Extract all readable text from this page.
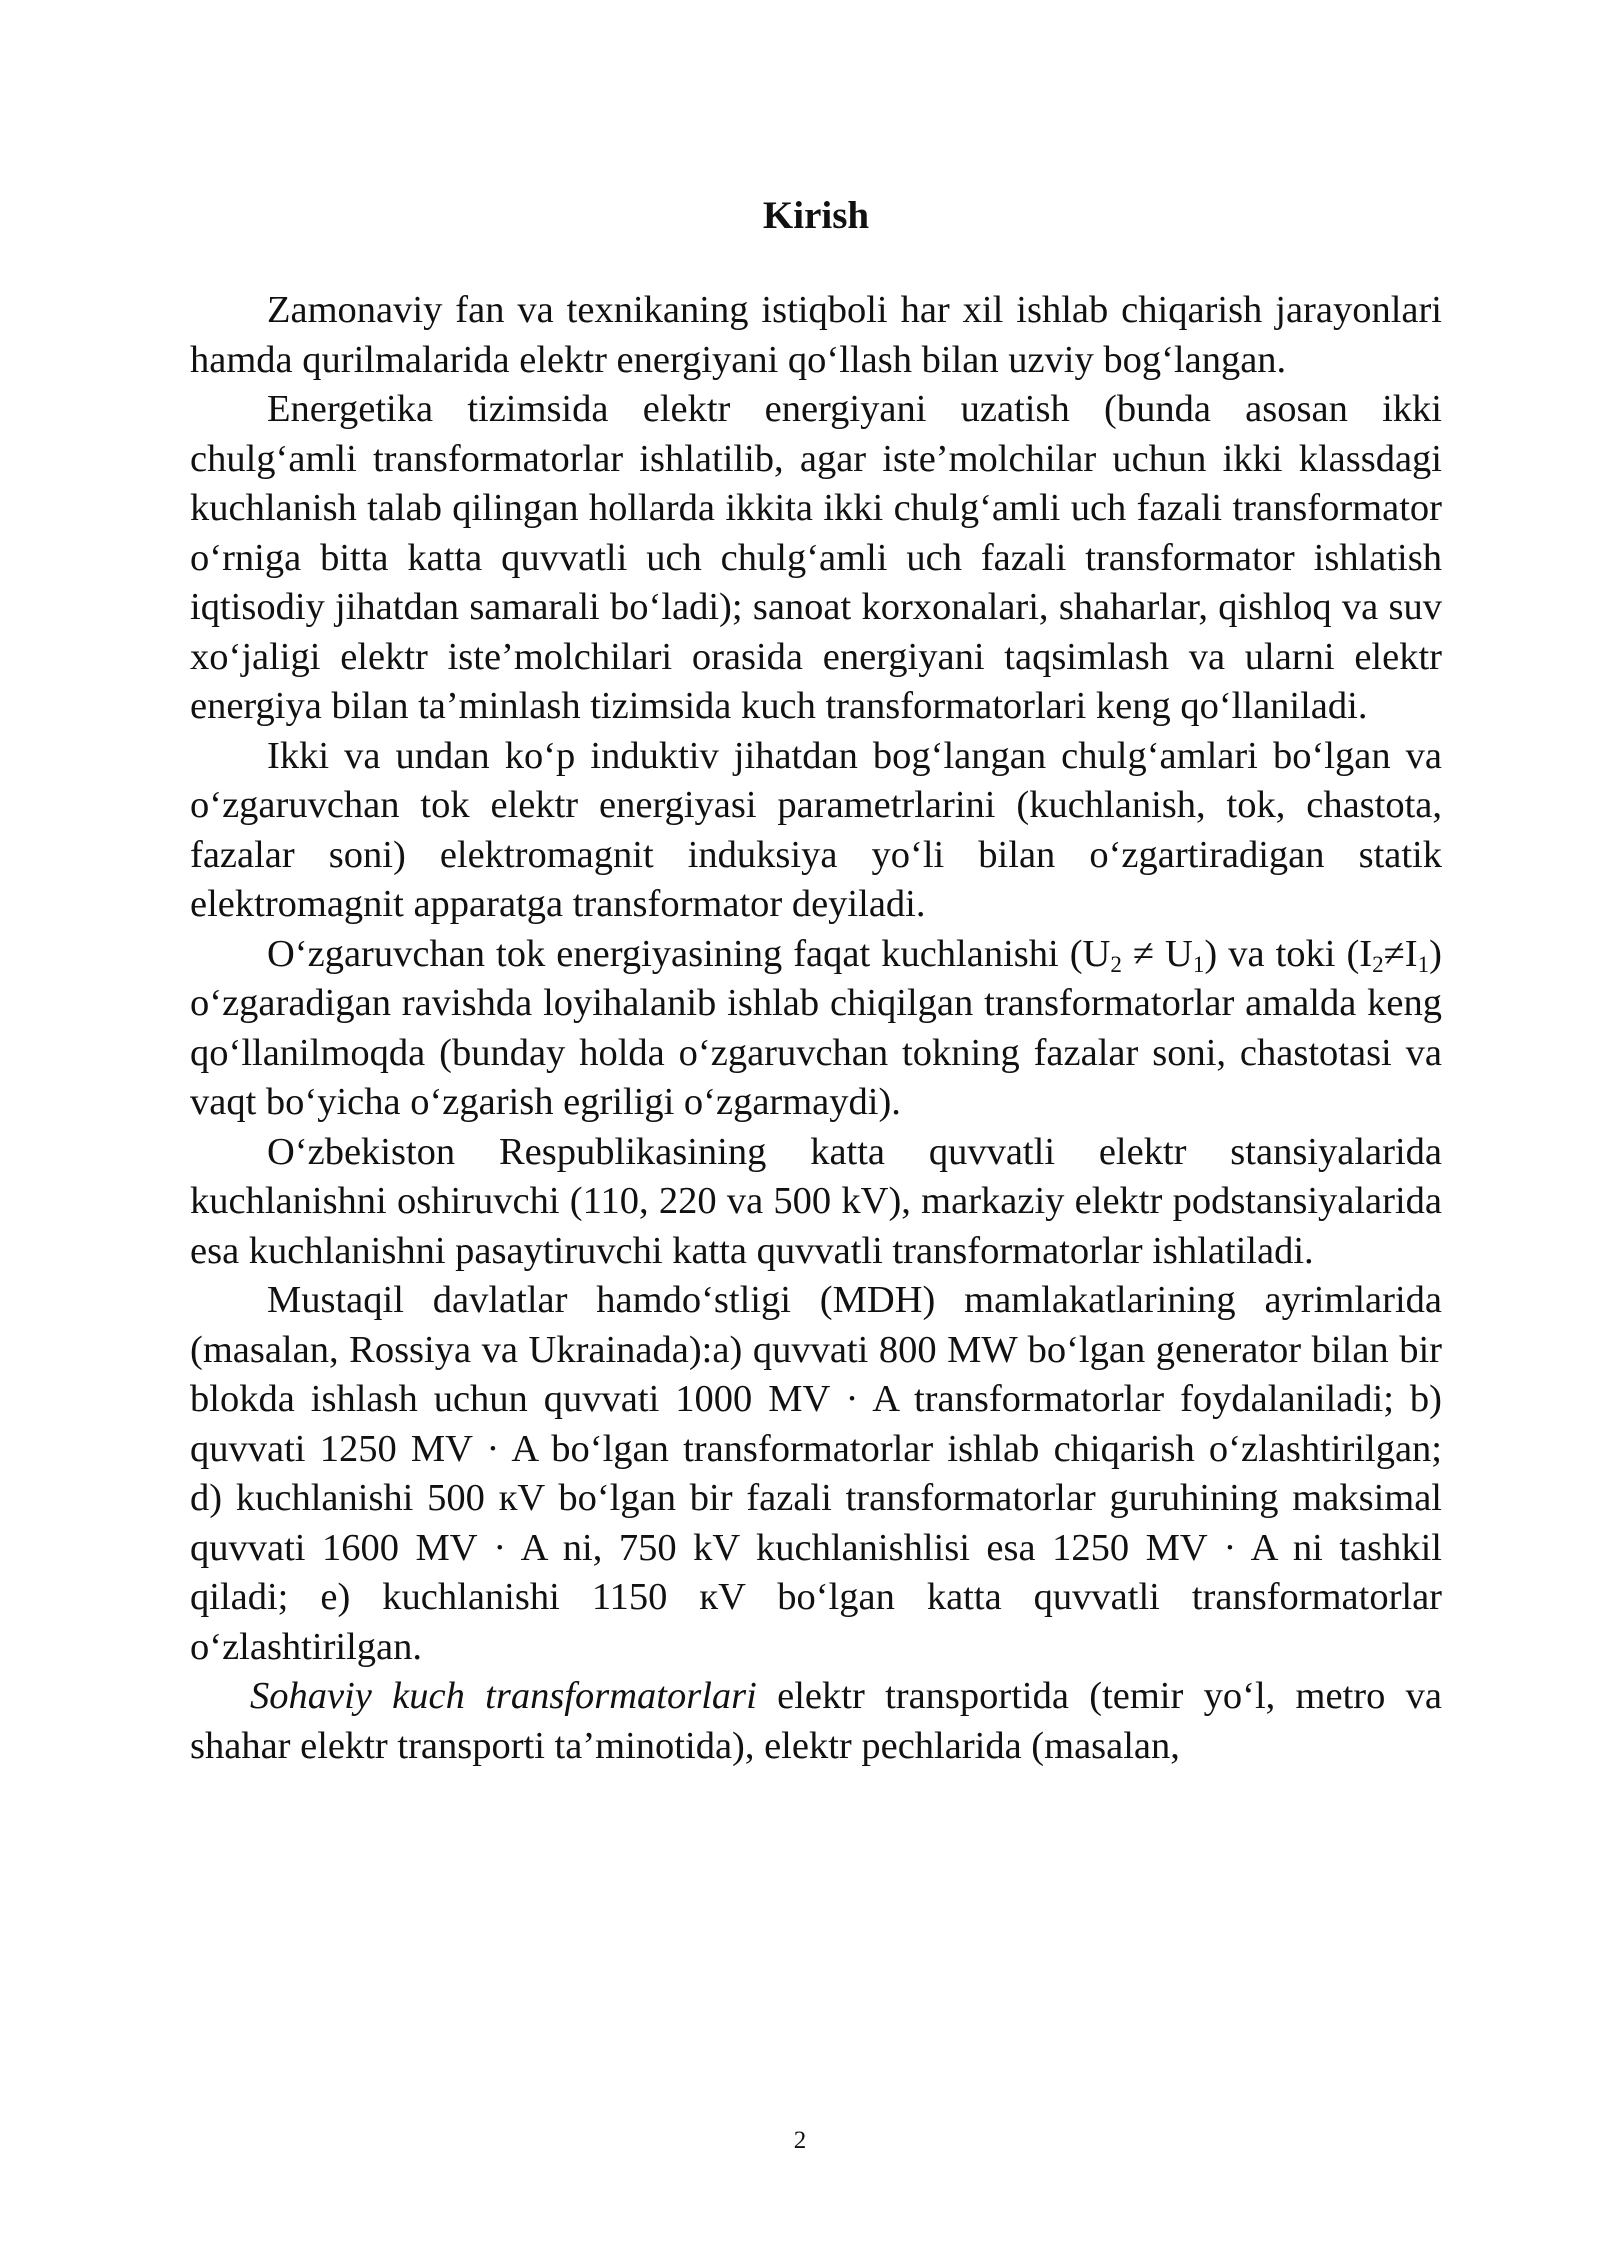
Kirish

Zamonaviy fan va texnikaning istiqboli har xil ishlab chiqarish jarayonlari hamda qurilmalarida elektr energiyani qo‘llash bilan uzviy bog‘langan.

Energetika tizimsida elektr energiyani uzatish (bunda asosan ikki chulg‘amli transformatorlar ishlatilib, agar iste’molchilar uchun ikki klassdagi kuchlanish talab qilingan hollarda ikkita ikki chulg‘amli uch fazali transformator o‘rniga bitta katta quvvatli uch chulg‘amli uch fazali transformator ishlatish iqtisodiy jihatdan samarali bo‘ladi); sanoat korxonalari, shaharlar, qishloq va suv xo‘jaligi elektr iste’molchilari orasida energiyani taqsimlash va ularni elektr energiya bilan ta’minlash tizimsida kuch transformatorlari keng qo‘llaniladi.

Ikki va undan ko‘p induktiv jihatdan bog‘langan chulg‘amlari bo‘lgan va o‘zgaruvchan tok elektr energiyasi parametrlarini (kuchlanish, tok, chastota, fazalar soni) elektromagnit induksiya yo‘li bilan o‘zgartiradigan statik elektromagnit apparatga transformator deyiladi.

O‘zgaruvchan tok energiyasining faqat kuchlanishi $(U_2 \ne U_1)$ va toki $(I_2\ne I_1)$ o‘zgaradigan ravishda loyihalanib ishlab chiqilgan transformatorlar amalda keng qo‘llanilmoqda (bunday holda o‘zgaruvchan tokning fazalar soni, chastotasi va vaqt bo‘yicha o‘zgarish egriligi o‘zgarmaydi).

O‘zbekiston Respublikasining katta quvvatli elektr stansiyalarida kuchlanishni oshiruvchi (110, 220 va 500 kV), markaziy elektr podstansiyalarida esa kuchlanishni pasaytiruvchi katta quvvatli transformatorlar ishlatiladi.

Mustaqil davlatlar hamdo‘stligi (MDH) mamlakatlarining ayrimlarida (masalan, Rossiya va Ukrainada):a) quvvati 800 MW bo‘lgan generator bilan bir blokda ishlash uchun quvvati 1000 MV · A transformatorlar foydalaniladi; b) quvvati 1250 MV · A bo‘lgan transformatorlar ishlab chiqarish o‘zlashtirilgan; d) kuchlanishi 500 кV bo‘lgan bir fazali transformatorlar guruhining maksimal quvvati 1600 MV · A ni, 750 kV kuchlanishlisi esa 1250 MV · A ni tashkil qiladi; e) kuchlanishi 1150 кV bo‘lgan katta quvvatli transformatorlar o‘zlashtirilgan.

Sohaviy kuch transformatorlari elektr transportida (temir yo‘l, metro va shahar elektr transporti ta’minotida), elektr pechlarida (masalan,

2
